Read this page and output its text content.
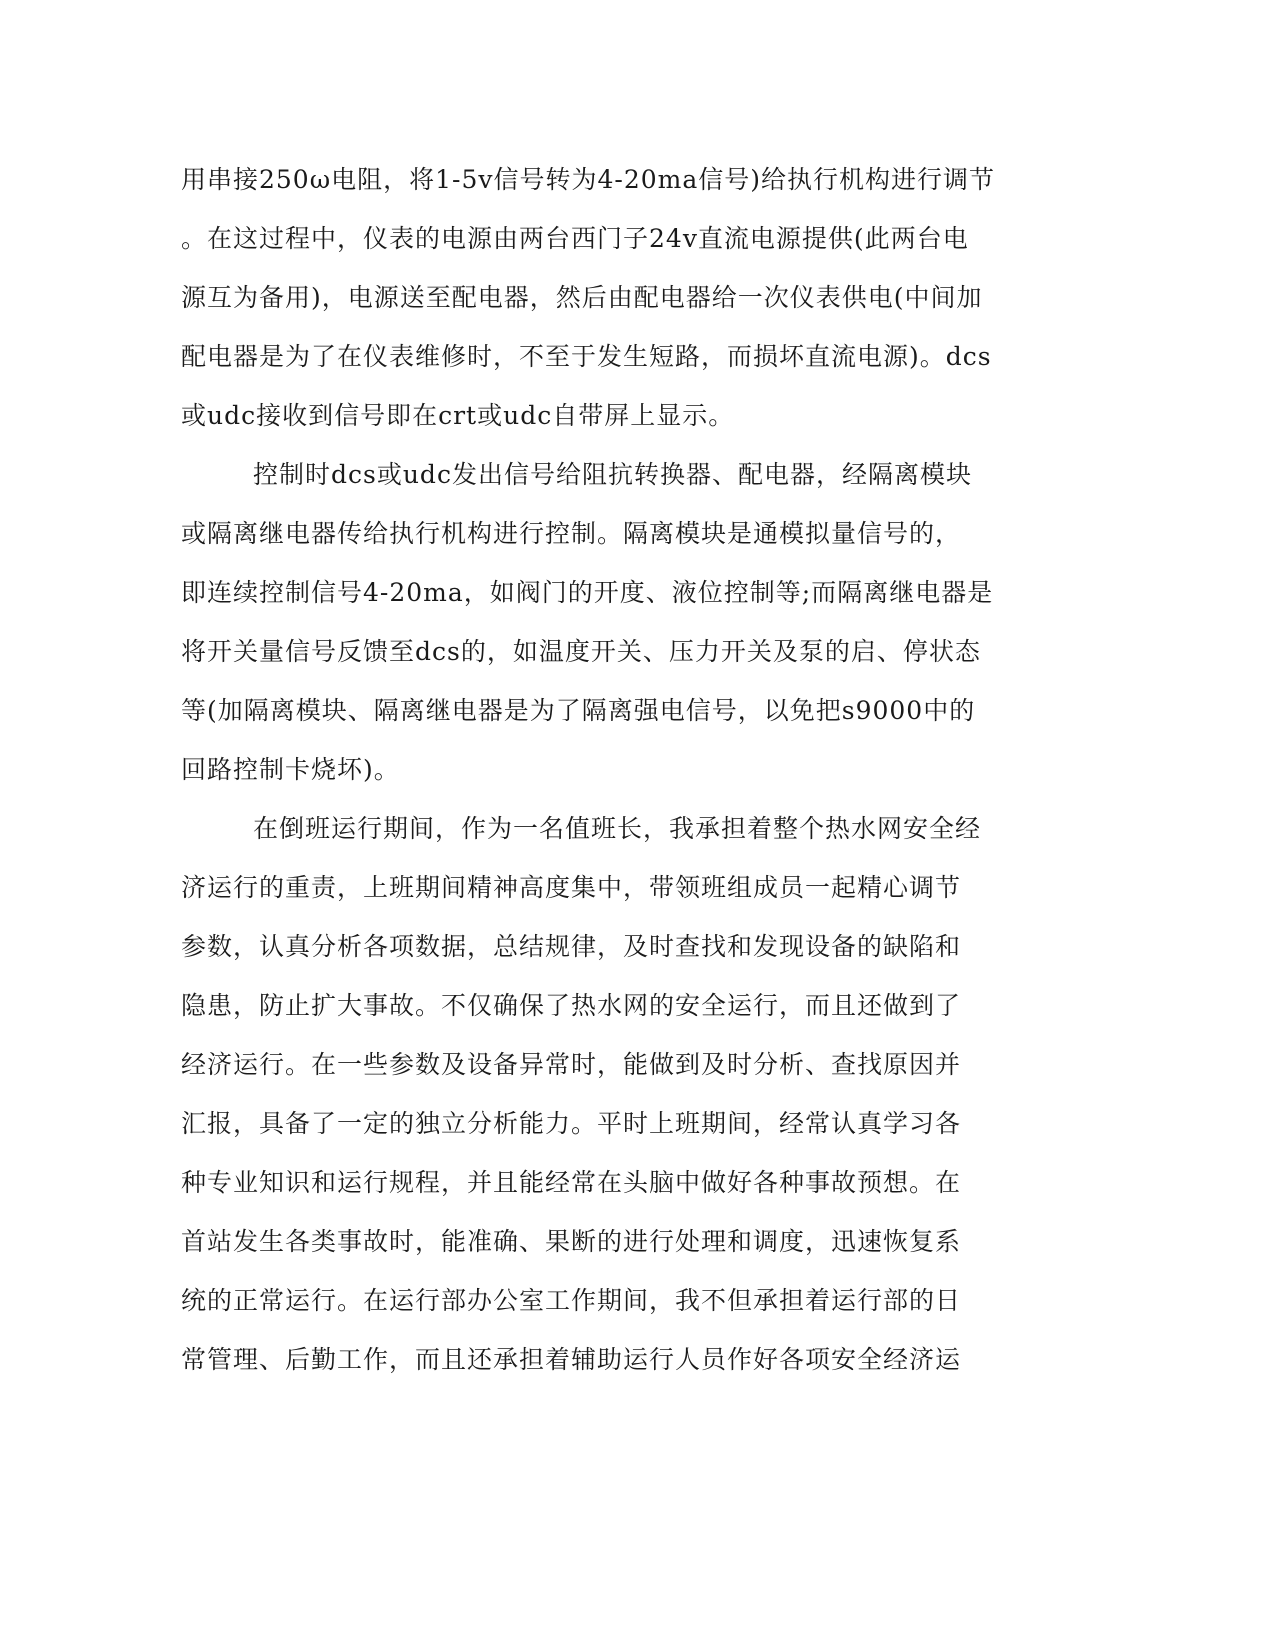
用串接250ω电阻，将1-5v信号转为4-20ma信号)给执行机构进行调节
。在这过程中，仪表的电源由两台西门子24v直流电源提供(此两台电
源互为备用)，电源送至配电器，然后由配电器给一次仪表供电(中间加
配电器是为了在仪表维修时，不至于发生短路，而损坏直流电源)。dcs
或udc接收到信号即在crt或udc自带屏上显示。
控制时dcs或udc发出信号给阻抗转换器、配电器，经隔离模块
或隔离继电器传给执行机构进行控制。隔离模块是通模拟量信号的，
即连续控制信号4-20ma，如阀门的开度、液位控制等;而隔离继电器是
将开关量信号反馈至dcs的，如温度开关、压力开关及泵的启、停状态
等(加隔离模块、隔离继电器是为了隔离强电信号，以免把s9000中的
回路控制卡烧坏)。
在倒班运行期间，作为一名值班长，我承担着整个热水网安全经
济运行的重责，上班期间精神高度集中，带领班组成员一起精心调节
参数，认真分析各项数据，总结规律，及时查找和发现设备的缺陷和
隐患，防止扩大事故。不仅确保了热水网的安全运行，而且还做到了
经济运行。在一些参数及设备异常时，能做到及时分析、查找原因并
汇报，具备了一定的独立分析能力。平时上班期间，经常认真学习各
种专业知识和运行规程，并且能经常在头脑中做好各种事故预想。在
首站发生各类事故时，能准确、果断的进行处理和调度，迅速恢复系
统的正常运行。在运行部办公室工作期间，我不但承担着运行部的日
常管理、后勤工作，而且还承担着辅助运行人员作好各项安全经济运
